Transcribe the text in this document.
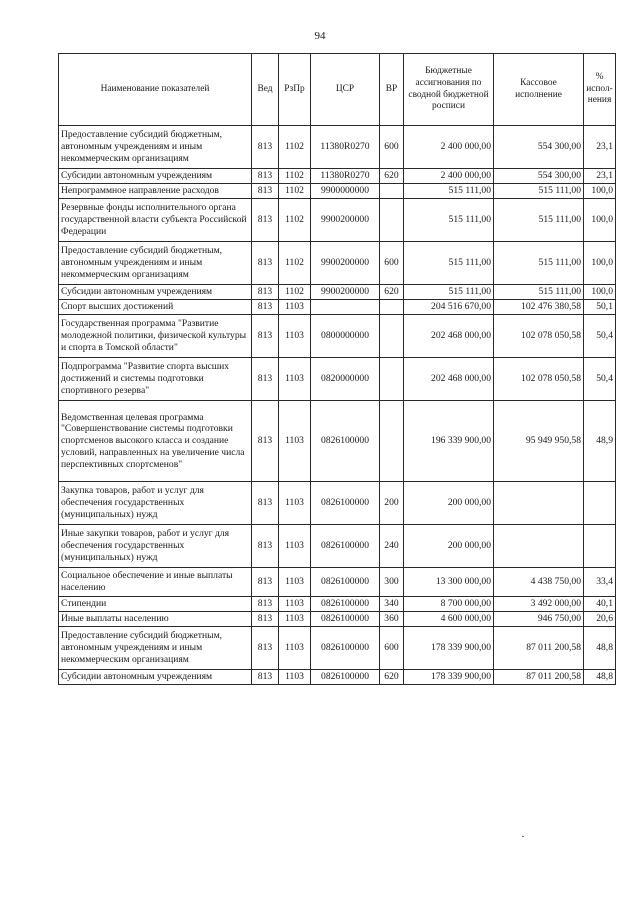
94
Наименование показателей	Вед	РзПр	ЦСР	ВР	Бюджетные ассигнования по сводной бюджетной росписи	Кассовое исполнение	% испол-нения
Предоставление субсидий бюджетным, автономным учреждениям и иным некоммерческим организациям	813	1102	11380R0270	600	2 400 000,00	554 300,00	23,1
Субсидии автономным учреждениям	813	1102	11380R0270	620	2 400 000,00	554 300,00	23,1
Непрограммное направление расходов	813	1102	9900000000		515 111,00	515 111,00	100,0
Резервные фонды исполнительного органа государственной власти субъекта Российской Федерации	813	1102	9900200000		515 111,00	515 111,00	100,0
Предоставление субсидий бюджетным, автономным учреждениям и иным некоммерческим организациям	813	1102	9900200000	600	515 111,00	515 111,00	100,0
Субсидии автономным учреждениям	813	1102	9900200000	620	515 111,00	515 111,00	100,0
Спорт высших достижений	813	1103			204 516 670,00	102 476 380,58	50,1
Государственная программа "Развитие молодежной политики, физической культуры и спорта в Томской области"	813	1103	0800000000		202 468 000,00	102 078 050,58	50,4
Подпрограмма "Развитие спорта высших достижений и системы подготовки спортивного резерва"	813	1103	0820000000		202 468 000,00	102 078 050,58	50,4
Ведомственная целевая программа "Совершенствование системы подготовки спортсменов высокого класса и создание условий, направленных на увеличение числа перспективных спортсменов"	813	1103	0826100000		196 339 900,00	95 949 950,58	48,9
Закупка товаров, работ и услуг для обеспечения государственных (муниципальных) нужд	813	1103	0826100000	200	200 000,00		
Иные закупки товаров, работ и услуг для обеспечения государственных (муниципальных) нужд	813	1103	0826100000	240	200 000,00		
Социальное обеспечение и иные выплаты населению	813	1103	0826100000	300	13 300 000,00	4 438 750,00	33,4
Стипендии	813	1103	0826100000	340	8 700 000,00	3 492 000,00	40,1
Иные выплаты населению	813	1103	0826100000	360	4 600 000,00	946 750,00	20,6
Предоставление субсидий бюджетным, автономным учреждениям и иным некоммерческим организациям	813	1103	0826100000	600	178 339 900,00	87 011 200,58	48,8
Субсидии автономным учреждениям	813	1103	0826100000	620	178 339 900,00	87 011 200,58	48,8
